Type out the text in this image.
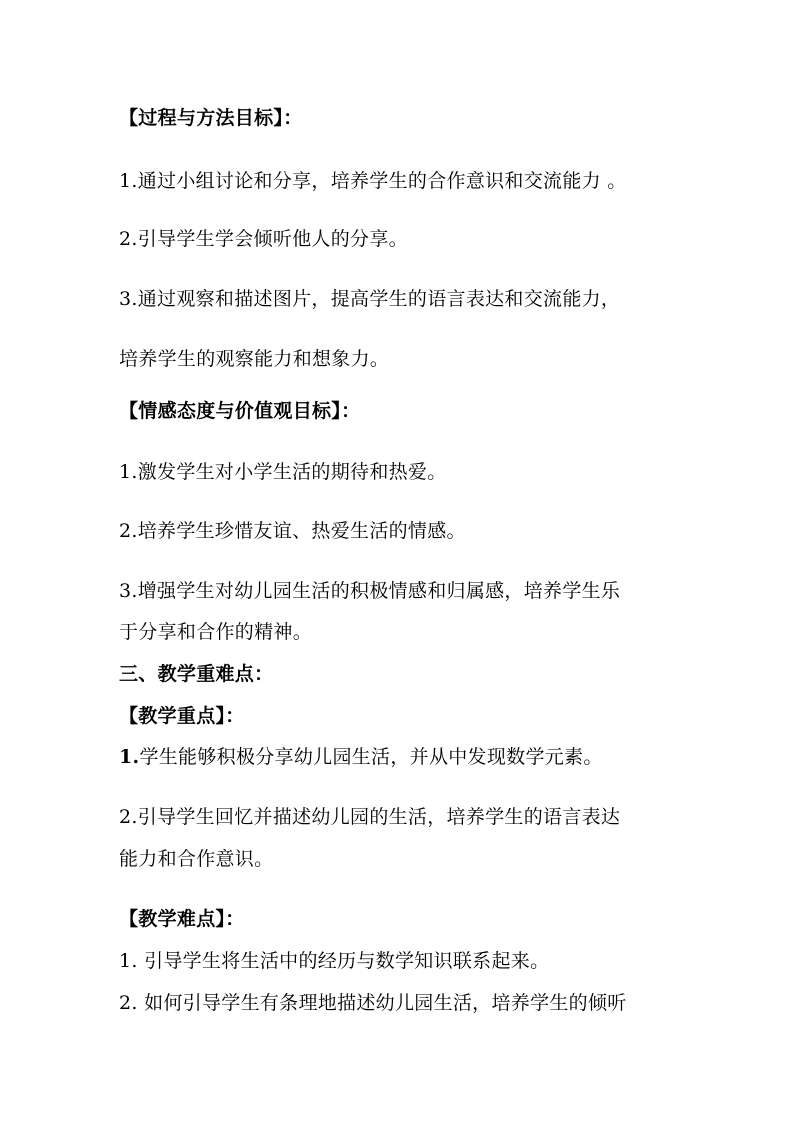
【过程与方法目标】：
1.通过小组讨论和分享，培养学生的合作意识和交流能力 。
2.引导学生学会倾听他人的分享。
3.通过观察和描述图片，提高学生的语言表达和交流能力，
培养学生的观察能力和想象力。
【情感态度与价值观目标】：
1.激发学生对小学生活的期待和热爱。
2.培养学生珍惜友谊、热爱生活的情感。
3.增强学生对幼儿园生活的积极情感和归属感，培养学生乐
于分享和合作的精神。
三、教学重难点：
【教学重点】：
1.学生能够积极分享幼儿园生活，并从中发现数学元素。
2.引导学生回忆并描述幼儿园的生活，培养学生的语言表达
能力和合作意识。
【教学难点】：
1. 引导学生将生活中的经历与数学知识联系起来。
2. 如何引导学生有条理地描述幼儿园生活，培养学生的倾听
